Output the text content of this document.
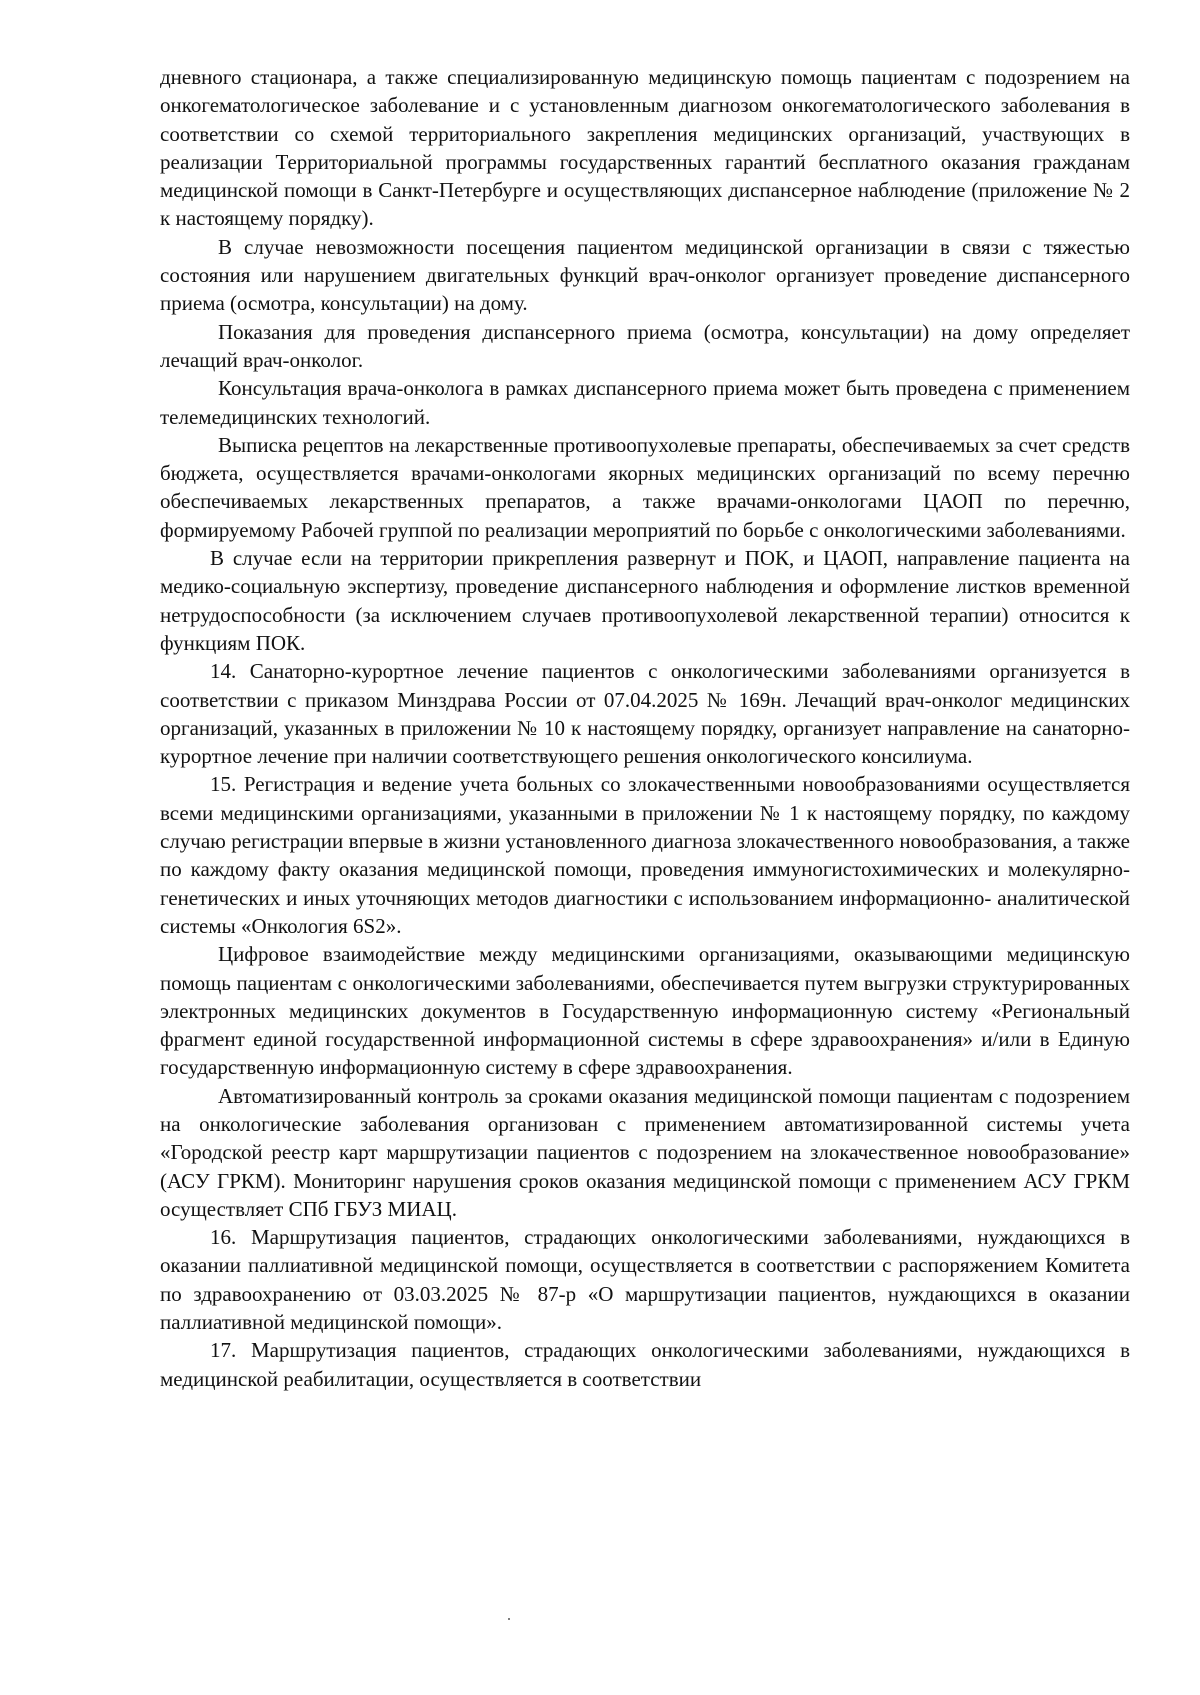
дневного стационара, а также специализированную медицинскую помощь пациентам с подозрением на онкогематологическое заболевание и с установленным диагнозом онкогематологического заболевания в соответствии со схемой территориального закрепления медицинских организаций, участвующих в реализации Территориальной программы государственных гарантий бесплатного оказания гражданам медицинской помощи в Санкт-Петербурге и осуществляющих диспансерное наблюдение (приложение № 2 к настоящему порядку).

В случае невозможности посещения пациентом медицинской организации в связи с тяжестью состояния или нарушением двигательных функций врач-онколог организует проведение диспансерного приема (осмотра, консультации) на дому.

Показания для проведения диспансерного приема (осмотра, консультации) на дому определяет лечащий врач-онколог.

Консультация врача-онколога в рамках диспансерного приема может быть проведена с применением телемедицинских технологий.

Выписка рецептов на лекарственные противоопухолевые препараты, обеспечиваемых за счет средств бюджета, осуществляется врачами-онкологами якорных медицинских организаций по всему перечню обеспечиваемых лекарственных препаратов, а также врачами-онкологами ЦАОП по перечню, формируемому Рабочей группой по реализации мероприятий по борьбе с онкологическими заболеваниями.

В случае если на территории прикрепления развернут и ПОК, и ЦАОП, направление пациента на медико-социальную экспертизу, проведение диспансерного наблюдения и оформление листков временной нетрудоспособности (за исключением случаев противоопухолевой лекарственной терапии) относится к функциям ПОК.

14. Санаторно-курортное лечение пациентов с онкологическими заболеваниями организуется в соответствии с приказом Минздрава России от 07.04.2025 № 169н. Лечащий врач-онколог медицинских организаций, указанных в приложении № 10 к настоящему порядку, организует направление на санаторно-курортное лечение при наличии соответствующего решения онкологического консилиума.

15. Регистрация и ведение учета больных со злокачественными новообразованиями осуществляется всеми медицинскими организациями, указанными в приложении № 1 к настоящему порядку, по каждому случаю регистрации впервые в жизни установленного диагноза злокачественного новообразования, а также по каждому факту оказания медицинской помощи, проведения иммуногистохимических и молекулярно-генетических и иных уточняющих методов диагностики с использованием информационно- аналитической системы «Онкология 6S2».

Цифровое взаимодействие между медицинскими организациями, оказывающими медицинскую помощь пациентам с онкологическими заболеваниями, обеспечивается путем выгрузки структурированных электронных медицинских документов в Государственную информационную систему «Региональный фрагмент единой государственной информационной системы в сфере здравоохранения» и/или в Единую государственную информационную систему в сфере здравоохранения.

Автоматизированный контроль за сроками оказания медицинской помощи пациентам с подозрением на онкологические заболевания организован с применением автоматизированной системы учета «Городской реестр карт маршрутизации пациентов с подозрением на злокачественное новообразование» (АСУ ГРКМ). Мониторинг нарушения сроков оказания медицинской помощи с применением АСУ ГРКМ осуществляет СПб ГБУЗ МИАЦ.

16. Маршрутизация пациентов, страдающих онкологическими заболеваниями, нуждающихся в оказании паллиативной медицинской помощи, осуществляется в соответствии с распоряжением Комитета по здравоохранению от 03.03.2025 № 87-р «О маршрутизации пациентов, нуждающихся в оказании паллиативной медицинской помощи».

17. Маршрутизация пациентов, страдающих онкологическими заболеваниями, нуждающихся в медицинской реабилитации, осуществляется в соответствии
